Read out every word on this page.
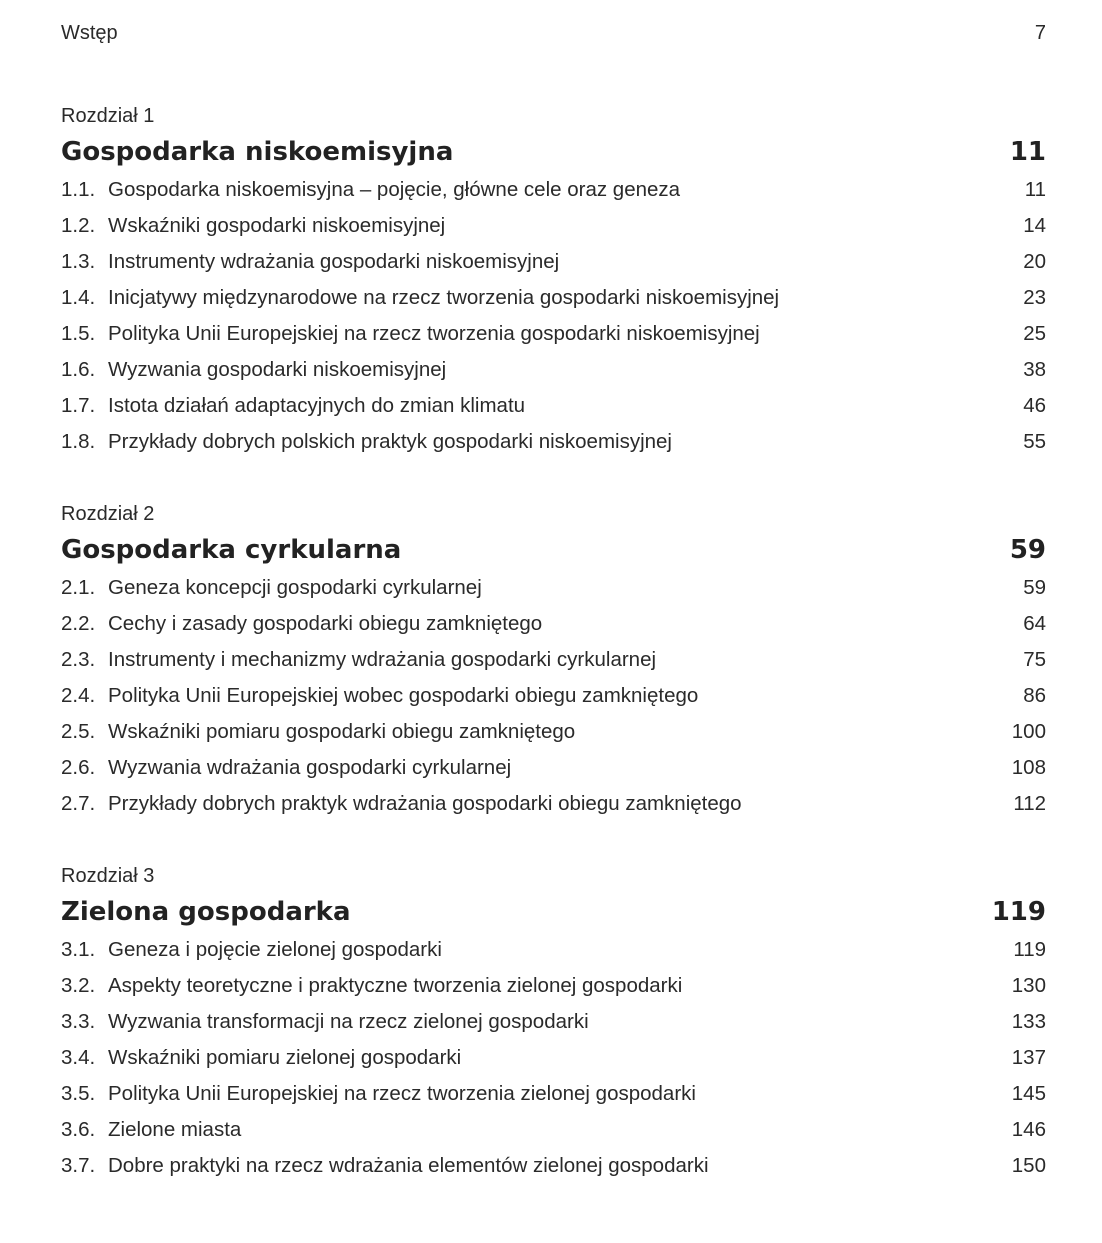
Wstęp	7
Rozdział 1
Gospodarka niskoemisyjna	11
1.1. Gospodarka niskoemisyjna – pojęcie, główne cele oraz geneza	11
1.2. Wskaźniki gospodarki niskoemisyjnej	14
1.3. Instrumenty wdrażania gospodarki niskoemisyjnej	20
1.4. Inicjatywy międzynarodowe na rzecz tworzenia gospodarki niskoemisyjnej	23
1.5. Polityka Unii Europejskiej na rzecz tworzenia gospodarki niskoemisyjnej	25
1.6. Wyzwania gospodarki niskoemisyjnej	38
1.7. Istota działań adaptacyjnych do zmian klimatu	46
1.8. Przykłady dobrych polskich praktyk gospodarki niskoemisyjnej	55
Rozdział 2
Gospodarka cyrkularna	59
2.1. Geneza koncepcji gospodarki cyrkularnej	59
2.2. Cechy i zasady gospodarki obiegu zamkniętego	64
2.3. Instrumenty i mechanizmy wdrażania gospodarki cyrkularnej	75
2.4. Polityka Unii Europejskiej wobec gospodarki obiegu zamkniętego	86
2.5. Wskaźniki pomiaru gospodarki obiegu zamkniętego	100
2.6. Wyzwania wdrażania gospodarki cyrkularnej	108
2.7. Przykłady dobrych praktyk wdrażania gospodarki obiegu zamkniętego	112
Rozdział 3
Zielona gospodarka	119
3.1. Geneza i pojęcie zielonej gospodarki	119
3.2. Aspekty teoretyczne i praktyczne tworzenia zielonej gospodarki	130
3.3. Wyzwania transformacji na rzecz zielonej gospodarki	133
3.4. Wskaźniki pomiaru zielonej gospodarki	137
3.5. Polityka Unii Europejskiej na rzecz tworzenia zielonej gospodarki	145
3.6. Zielone miasta	146
3.7. Dobre praktyki na rzecz wdrażania elementów zielonej gospodarki	150
